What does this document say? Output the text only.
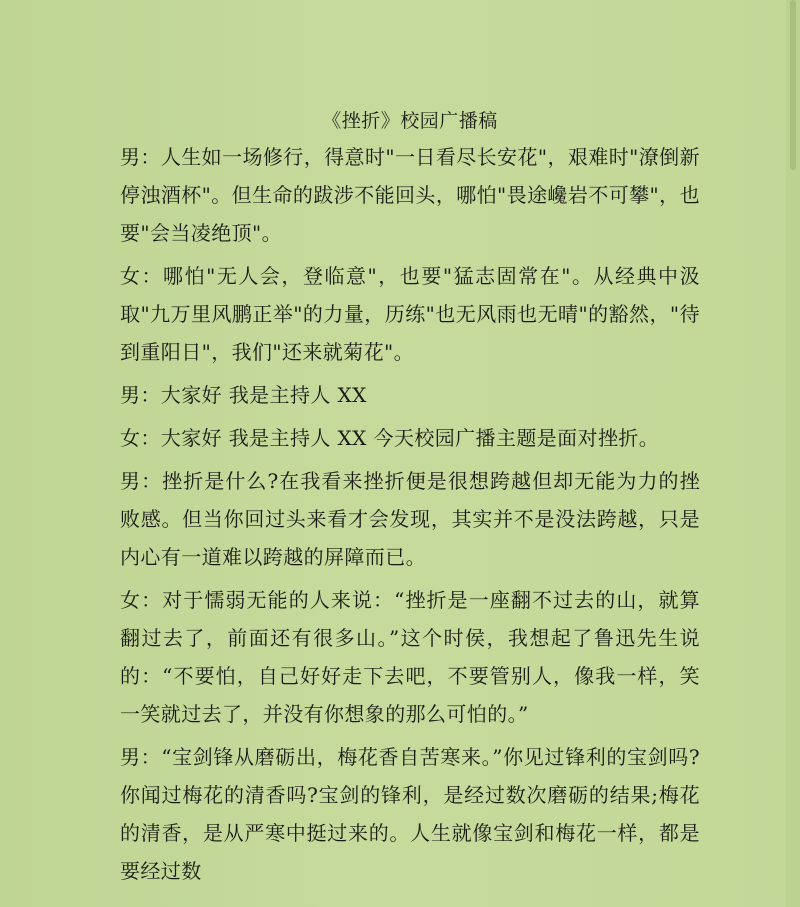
《挫折》校园广播稿

男：人生如一场修行，得意时"一日看尽长安花"，艰难时"潦倒新停浊酒杯"。但生命的跋涉不能回头，哪怕"畏途巉岩不可攀"，也要"会当凌绝顶"。

女：哪怕"无人会，登临意"，也要"猛志固常在"。从经典中汲取"九万里风鹏正举"的力量，历练"也无风雨也无晴"的豁然，"待到重阳日"，我们"还来就菊花"。

男：大家好 我是主持人 XX

女：大家好 我是主持人 XX 今天校园广播主题是面对挫折。

男：挫折是什么?在我看来挫折便是很想跨越但却无能为力的挫败感。但当你回过头来看才会发现，其实并不是没法跨越，只是内心有一道难以跨越的屏障而已。

女：对于懦弱无能的人来说：“挫折是一座翻不过去的山，就算翻过去了，前面还有很多山。”这个时侯，我想起了鲁迅先生说的：“不要怕，自己好好走下去吧，不要管别人，像我一样，笑一笑就过去了，并没有你想象的那么可怕的。”

男：“宝剑锋从磨砺出，梅花香自苦寒来。”你见过锋利的宝剑吗?你闻过梅花的清香吗?宝剑的锋利，是经过数次磨砺的结果;梅花的清香，是从严寒中挺过来的。人生就像宝剑和梅花一样，都是要经过数
